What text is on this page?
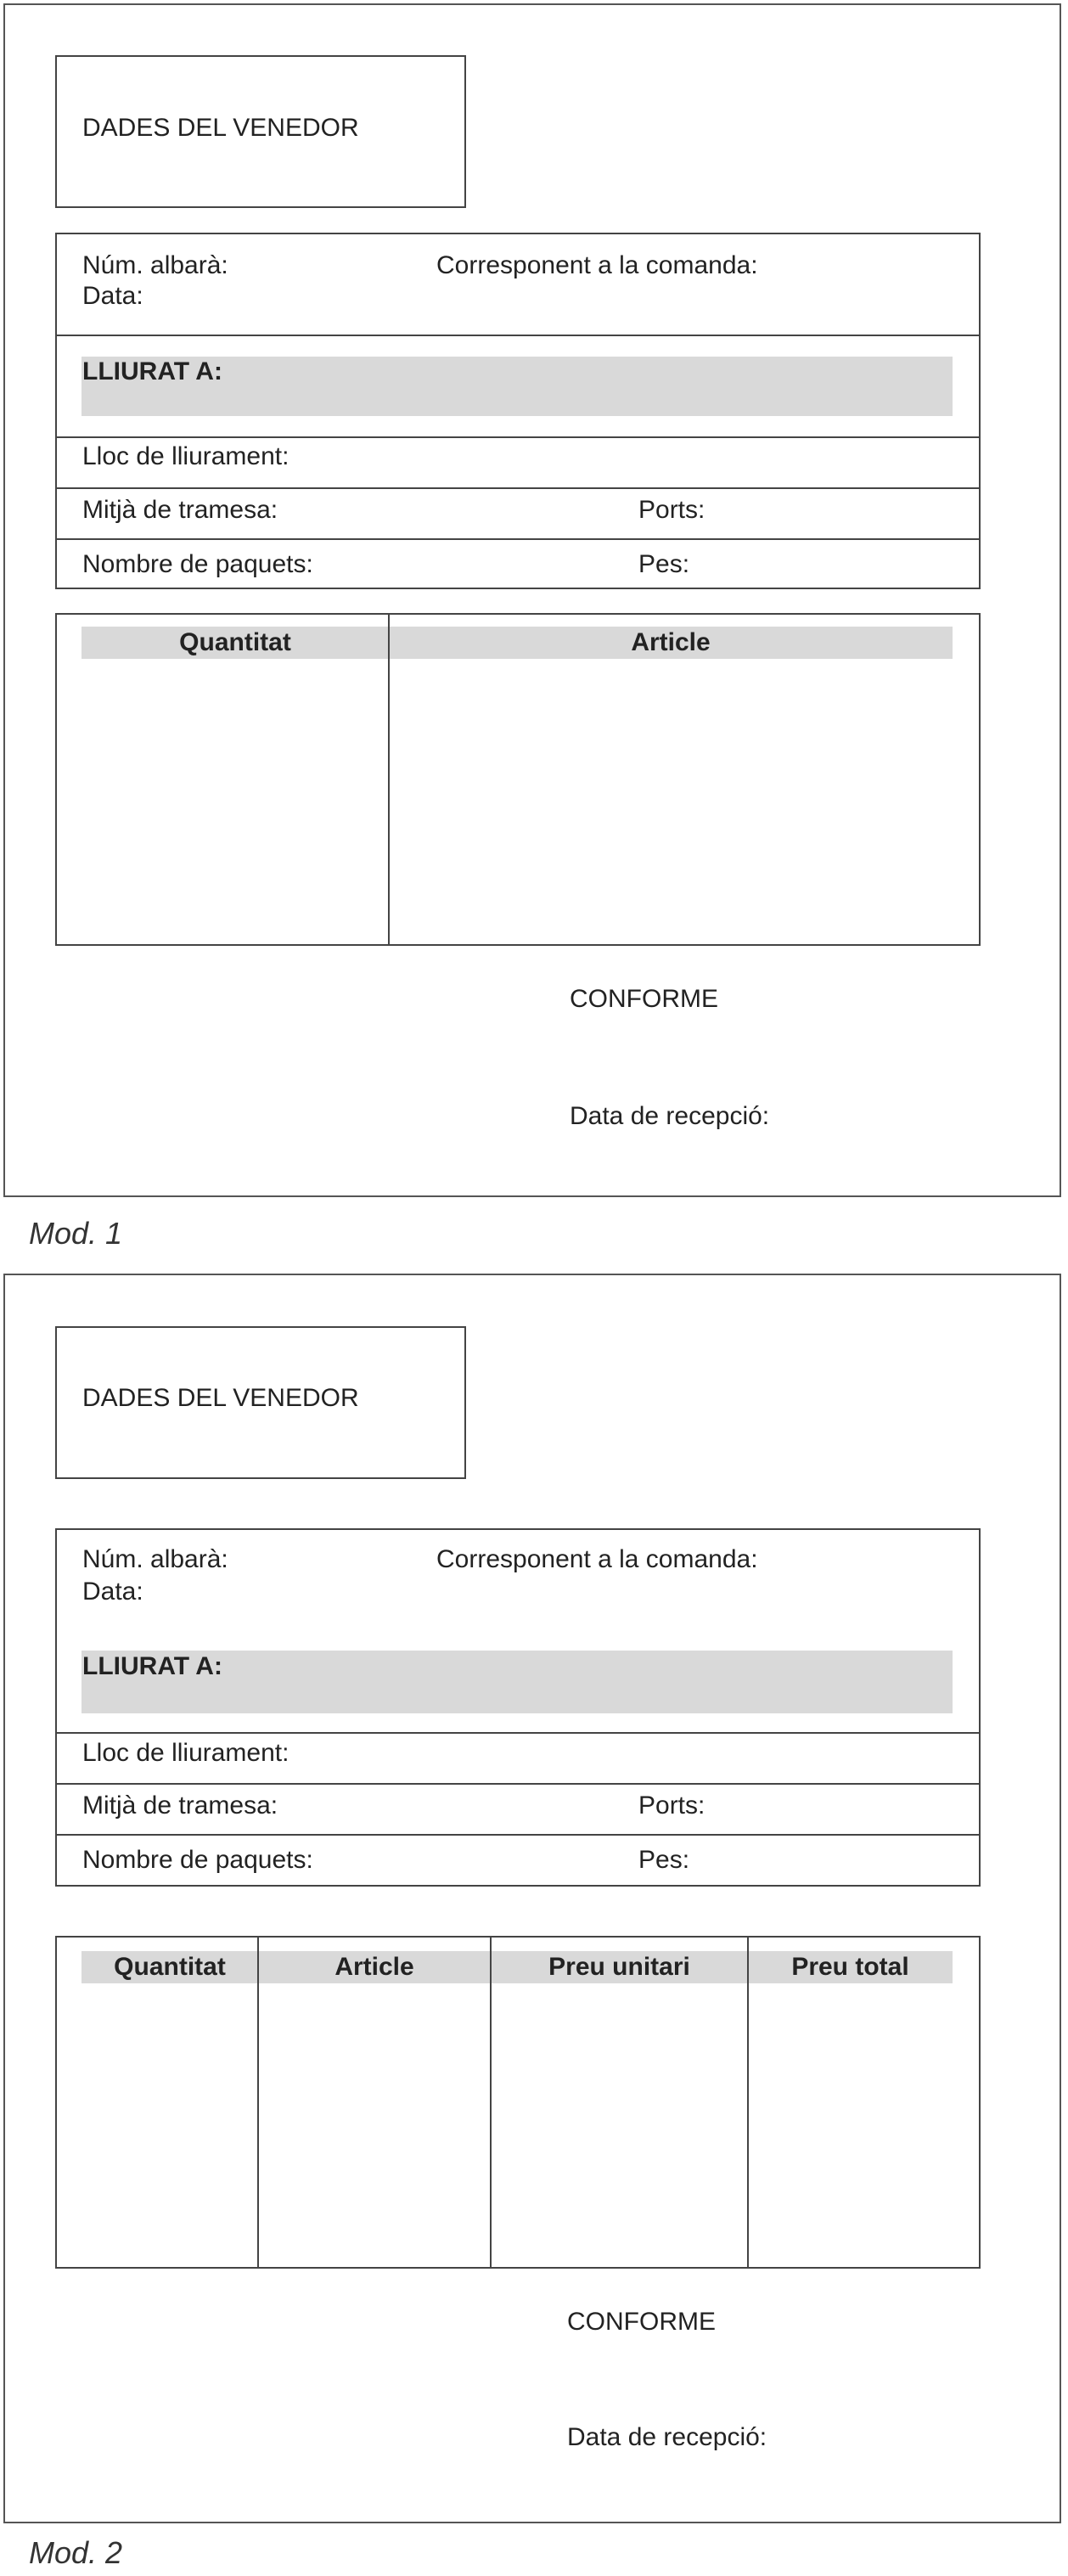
DADES DEL VENEDOR
Núm. albarà:	Corresponent a la comanda:
Data:
LLIURAT A:
Lloc de lliurament:
Mitjà de tramesa:	Ports:
Nombre de paquets:	Pes:
Quantitat	Article
CONFORME
Data de recepció:
Mod. 1
DADES DEL VENEDOR
Núm. albarà:	Corresponent a la comanda:
Data:
LLIURAT A:
Lloc de lliurament:
Mitjà de tramesa:	Ports:
Nombre de paquets:	Pes:
Quantitat	Article	Preu unitari	Preu total
CONFORME
Data de recepció:
Mod. 2
